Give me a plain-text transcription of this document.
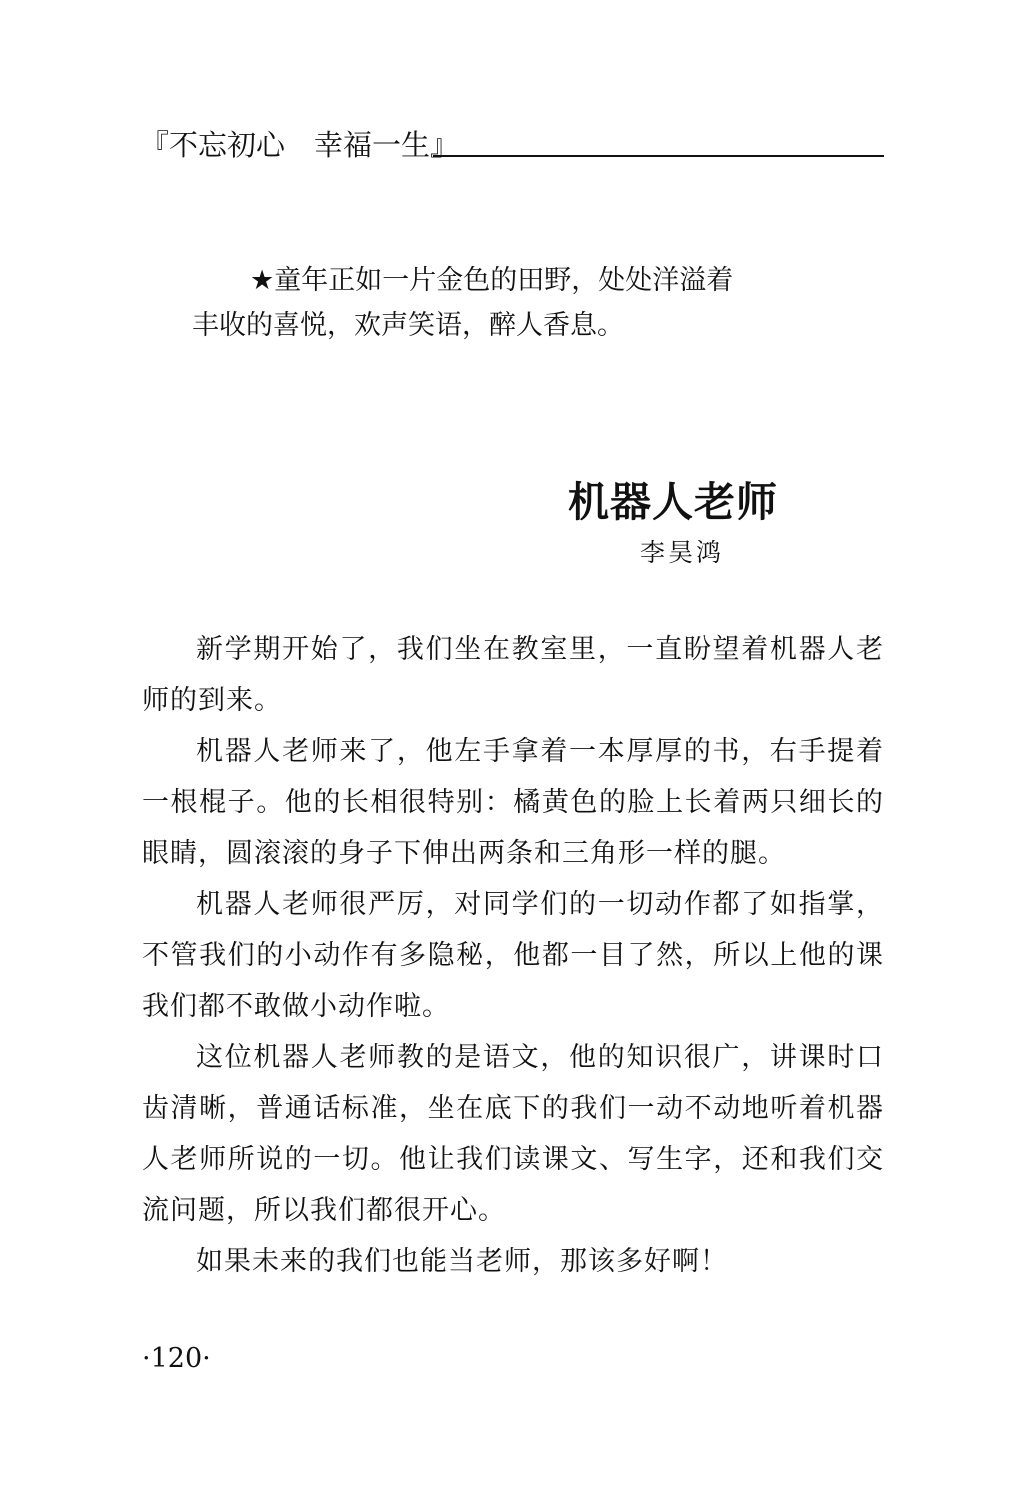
『不忘初心　幸福一生』
★童年正如一片金色的田野，处处洋溢着
丰收的喜悦，欢声笑语，醉人香息。
机器人老师
李昊鸿

新学期开始了，我们坐在教室里，一直盼望着机器人老师的到来。

机器人老师来了，他左手拿着一本厚厚的书，右手提着一根棍子。他的长相很特别：橘黄色的脸上长着两只细长的眼睛，圆滚滚的身子下伸出两条和三角形一样的腿。

机器人老师很严厉，对同学们的一切动作都了如指掌，不管我们的小动作有多隐秘，他都一目了然，所以上他的课我们都不敢做小动作啦。

这位机器人老师教的是语文，他的知识很广，讲课时口齿清晰，普通话标准，坐在底下的我们一动不动地听着机器人老师所说的一切。他让我们读课文、写生字，还和我们交流问题，所以我们都很开心。

如果未来的我们也能当老师，那该多好啊！

·120·
